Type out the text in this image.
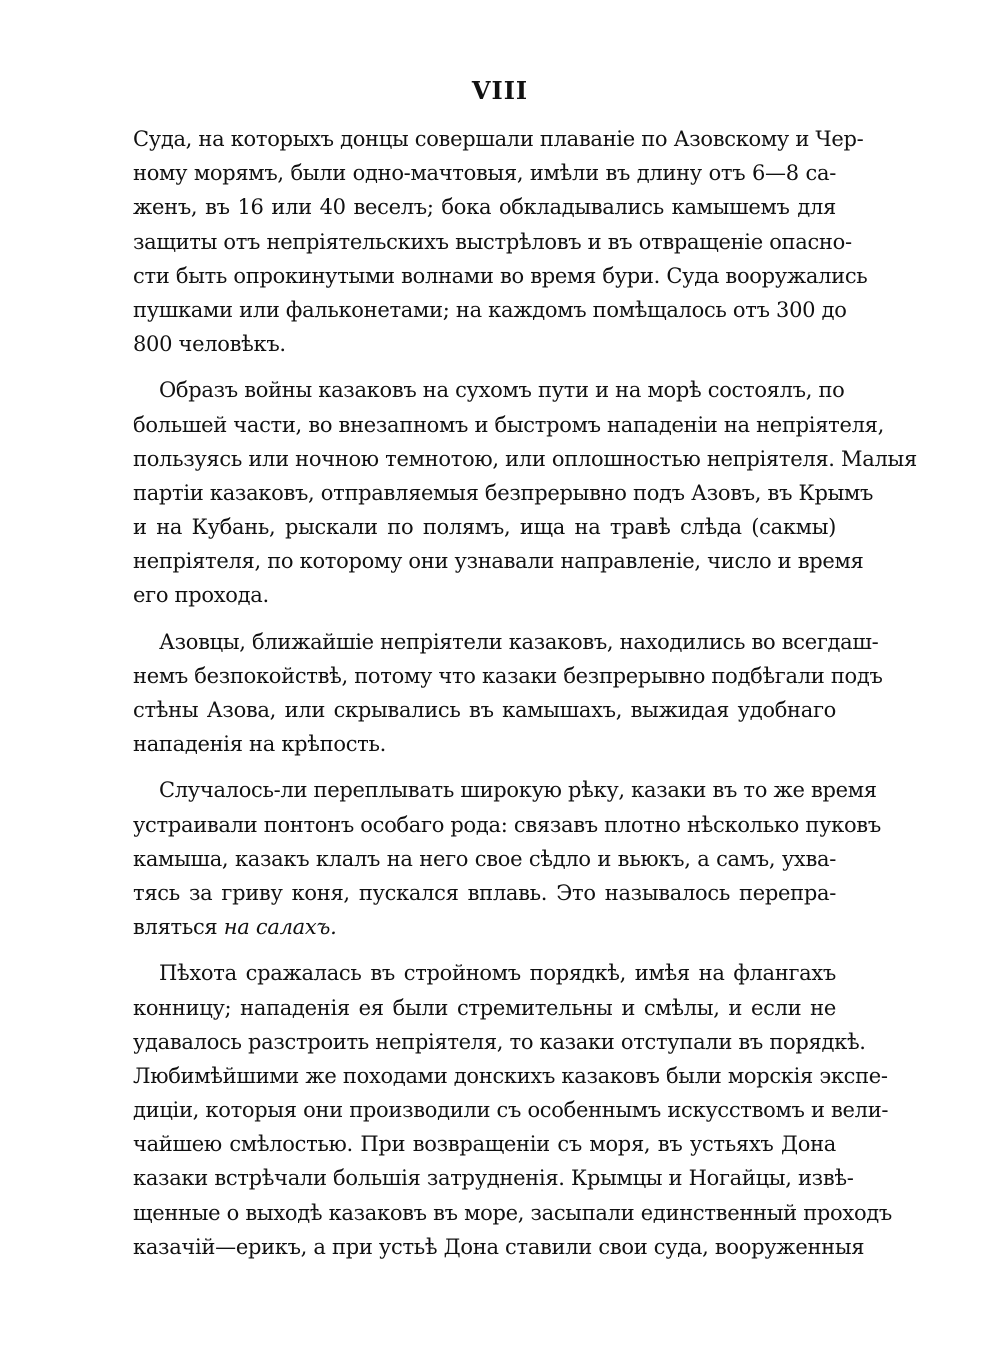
VIII
Суда, на которыхъ донцы совершали плаваніе по Азовскому и Чер-
ному морямъ, были одно-мачтовыя, имѣли въ длину отъ 6—8 са-
женъ, въ 16 или 40 веселъ; бока обкладывались камышемъ для
защиты отъ непріятельскихъ выстрѣловъ и въ отвращеніе опасно-
сти быть опрокинутыми волнами во время бури. Суда вооружались
пушками или фальконетами; на каждомъ помѣщалось отъ 300 до
800 человѣкъ.
Образъ войны казаковъ на сухомъ пути и на морѣ состоялъ, по
большей части, во внезапномъ и быстромъ нападеніи на непріятеля,
пользуясь или ночною темнотою, или оплошностью непріятеля. Малыя
партіи казаковъ, отправляемыя безпрерывно подъ Азовъ, въ Крымъ
и на Кубань, рыскали по полямъ, ища на травѣ слѣда (сакмы)
непріятеля, по которому они узнавали направленіе, число и время
его прохода.
Азовцы, ближайшіе непріятели казаковъ, находились во всегдаш-
немъ безпокойствѣ, потому что казаки безпрерывно подбѣгали подъ
стѣны Азова, или скрывались въ камышахъ, выжидая удобнаго
нападенія на крѣпость.
Случалось-ли переплывать широкую рѣку, казаки въ то же время
устраивали понтонъ особаго рода: связавъ плотно нѣсколько пуковъ
камыша, казакъ клалъ на него свое сѣдло и вьюкъ, а самъ, ухва-
тясь за гриву коня, пускался вплавь. Это называлось перепра-
вляться на салахъ.
Пѣхота сражалась въ стройномъ порядкѣ, имѣя на флангахъ
конницу; нападенія ея были стремительны и смѣлы, и если не
удавалось разстроить непріятеля, то казаки отступали въ порядкѣ.
Любимѣйшими же походами донскихъ казаковъ были морскія экспе-
диціи, которыя они производили съ особеннымъ искусствомъ и вели-
чайшею смѣлостью. При возвращеніи съ моря, въ устьяхъ Дона
казаки встрѣчали большія затрудненія. Крымцы и Ногайцы, извѣ-
щенные о выходѣ казаковъ въ море, засыпали единственный проходъ
казачій—ерикъ, а при устьѣ Дона ставили свои суда, вооруженныя
